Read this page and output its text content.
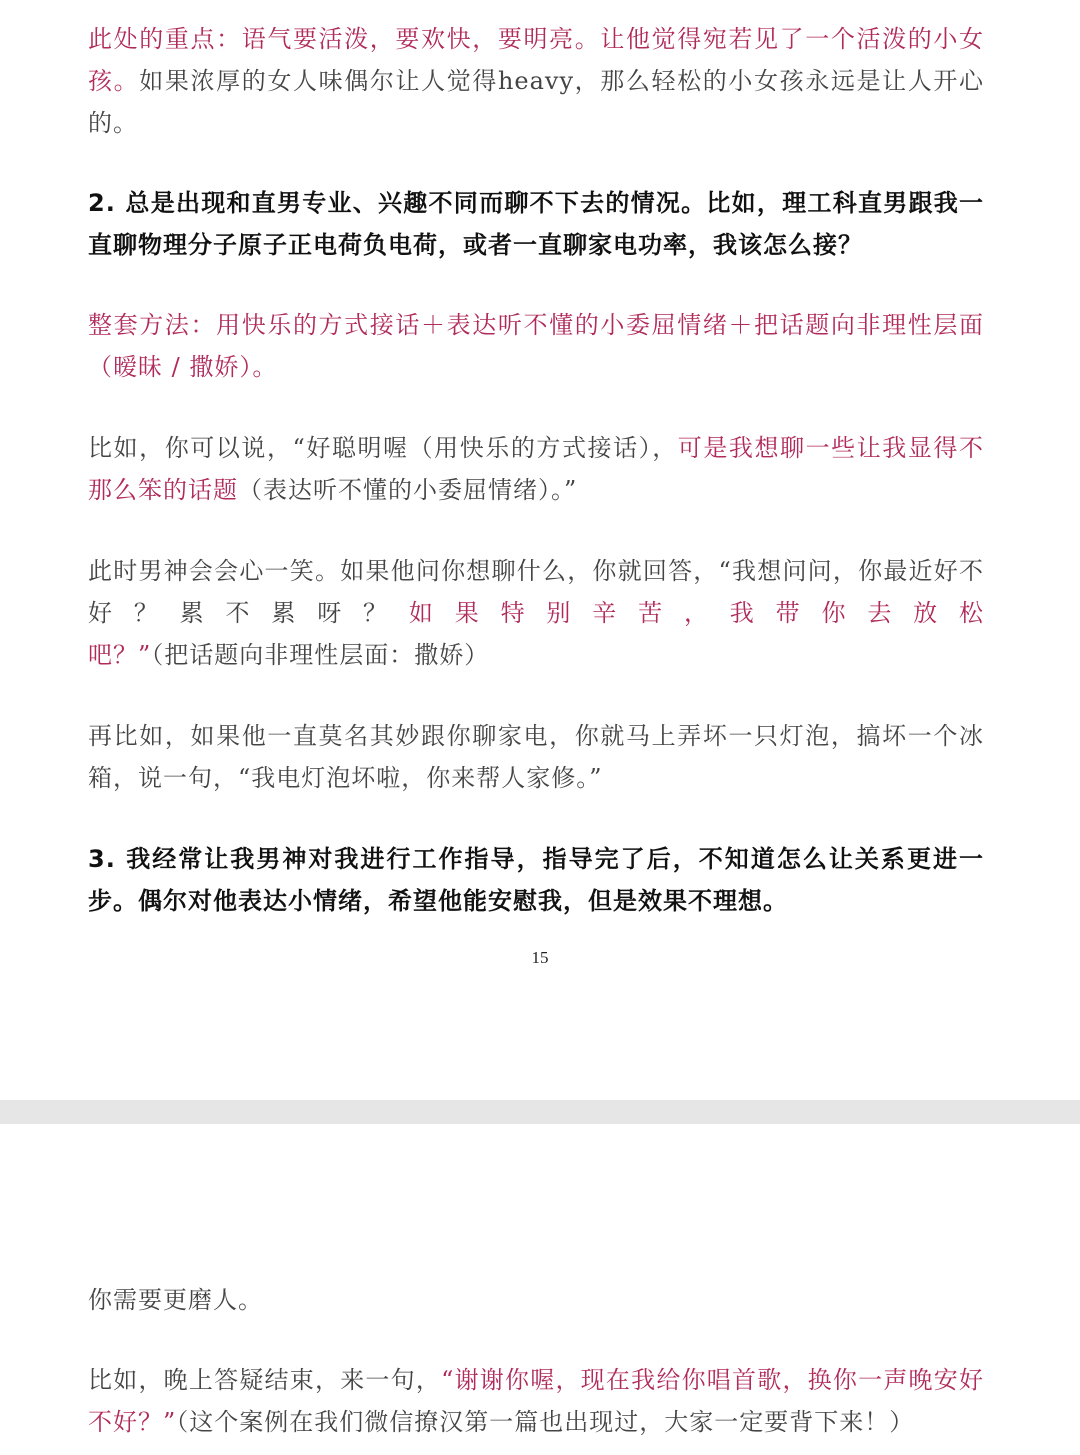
此处的重点：语气要活泼，要欢快，要明亮。让他觉得宛若见了一个活泼的小女孩。如果浓厚的女人味偶尔让人觉得heavy，那么轻松的小女孩永远是让人开心的。

2. 总是出现和直男专业、兴趣不同而聊不下去的情况。比如，理工科直男跟我一直聊物理分子原子正电荷负电荷，或者一直聊家电功率，我该怎么接？

整套方法：用快乐的方式接话＋表达听不懂的小委屈情绪＋把话题向非理性层面（暧昧 / 撒娇）。

比如，你可以说，“好聪明喔（用快乐的方式接话），可是我想聊一些让我显得不那么笨的话题（表达听不懂的小委屈情绪）。”

此时男神会会心一笑。如果他问你想聊什么，你就回答，“我想问问，你最近好不好？累不累呀？如果特别辛苦，我带你去放松吧？”（把话题向非理性层面：撒娇）

再比如，如果他一直莫名其妙跟你聊家电，你就马上弄坏一只灯泡，搞坏一个冰箱，说一句，“我电灯泡坏啦，你来帮人家修。”

3. 我经常让我男神对我进行工作指导，指导完了后，不知道怎么让关系更进一步。偶尔对他表达小情绪，希望他能安慰我，但是效果不理想。

15

你需要更磨人。

比如，晚上答疑结束，来一句，“谢谢你喔，现在我给你唱首歌，换你一声晚安好不好？”（这个案例在我们微信撩汉第一篇也出现过，大家一定要背下来！）
